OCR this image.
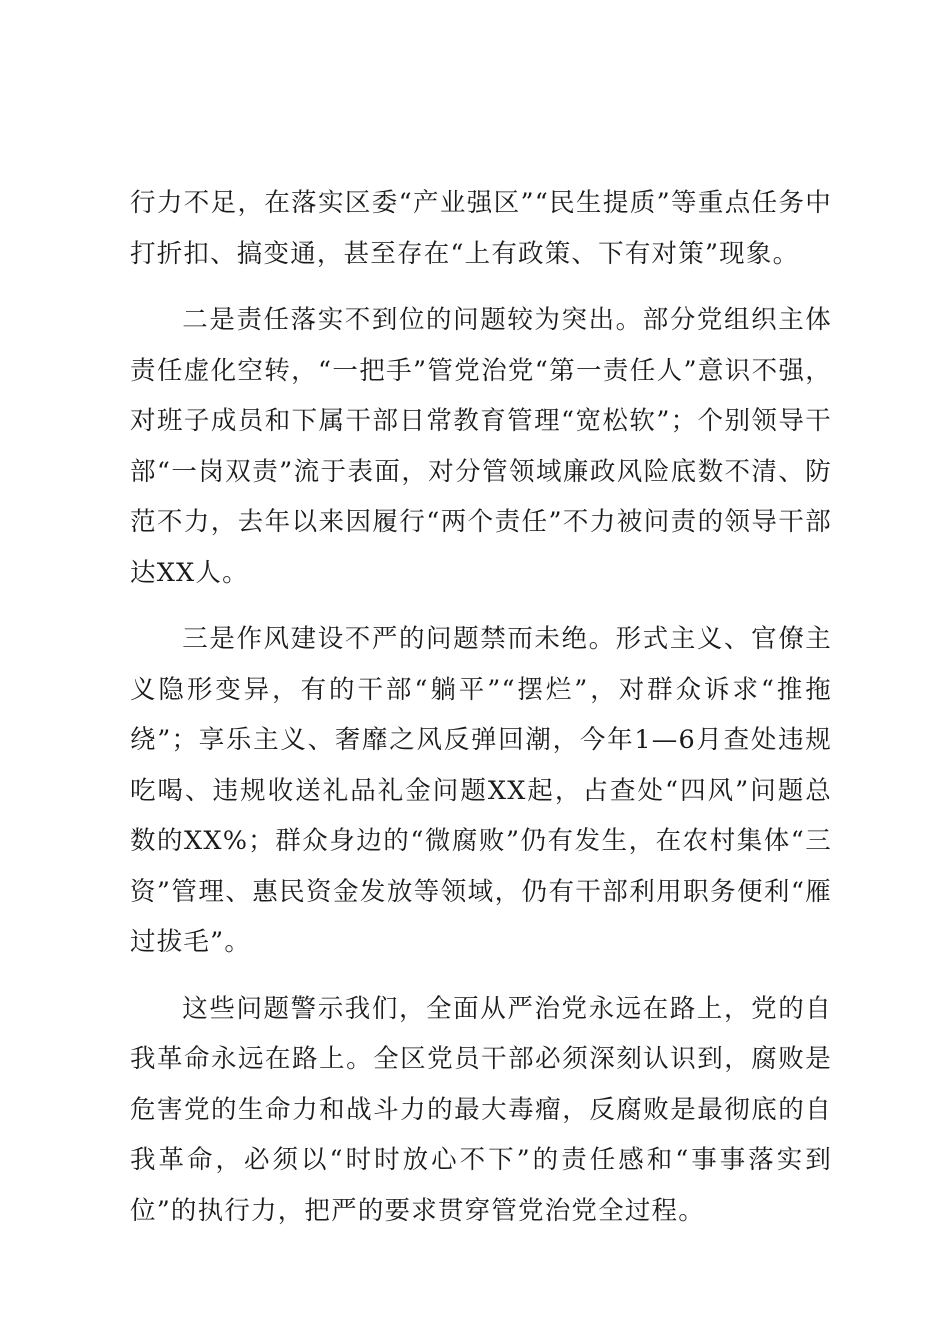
行力不足，在落实区委“产业强区”“民生提质”等重点任务中打折扣、搞变通，甚至存在“上有政策、下有对策”现象。

二是责任落实不到位的问题较为突出。部分党组织主体责任虚化空转，“一把手”管党治党“第一责任人”意识不强，对班子成员和下属干部日常教育管理“宽松软”；个别领导干部“一岗双责”流于表面，对分管领域廉政风险底数不清、防范不力，去年以来因履行“两个责任”不力被问责的领导干部达XX人。

三是作风建设不严的问题禁而未绝。形式主义、官僚主义隐形变异，有的干部“躺平”“摆烂”，对群众诉求“推拖绕”；享乐主义、奢靡之风反弹回潮，今年1—6月查处违规吃喝、违规收送礼品礼金问题XX起，占查处“四风”问题总数的XX%；群众身边的“微腐败”仍有发生，在农村集体“三资”管理、惠民资金发放等领域，仍有干部利用职务便利“雁过拔毛”。

这些问题警示我们，全面从严治党永远在路上，党的自我革命永远在路上。全区党员干部必须深刻认识到，腐败是危害党的生命力和战斗力的最大毒瘤，反腐败是最彻底的自我革命，必须以“时时放心不下”的责任感和“事事落实到位”的执行力，把严的要求贯穿管党治党全过程。
